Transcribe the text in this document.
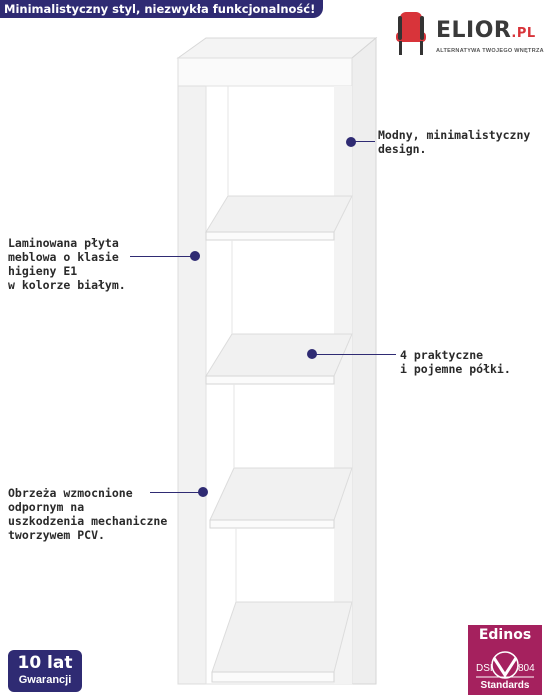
Minimalistyczny styl, niezwykła funkcjonalność!
ELIOR.PL
ALTERNATYWA TWOJEGO WNĘTRZA
Modny, minimalistyczny
design.
Laminowana płyta
meblowa o klasie
higieny E1
w kolorze białym.
4 praktyczne
i pojemne półki.
Obrzeża wzmocnione
odpornym na
uszkodzenia mechaniczne
tworzywem PCV.
10 lat
Gwarancji
Edinos
DSI	804
Standards
